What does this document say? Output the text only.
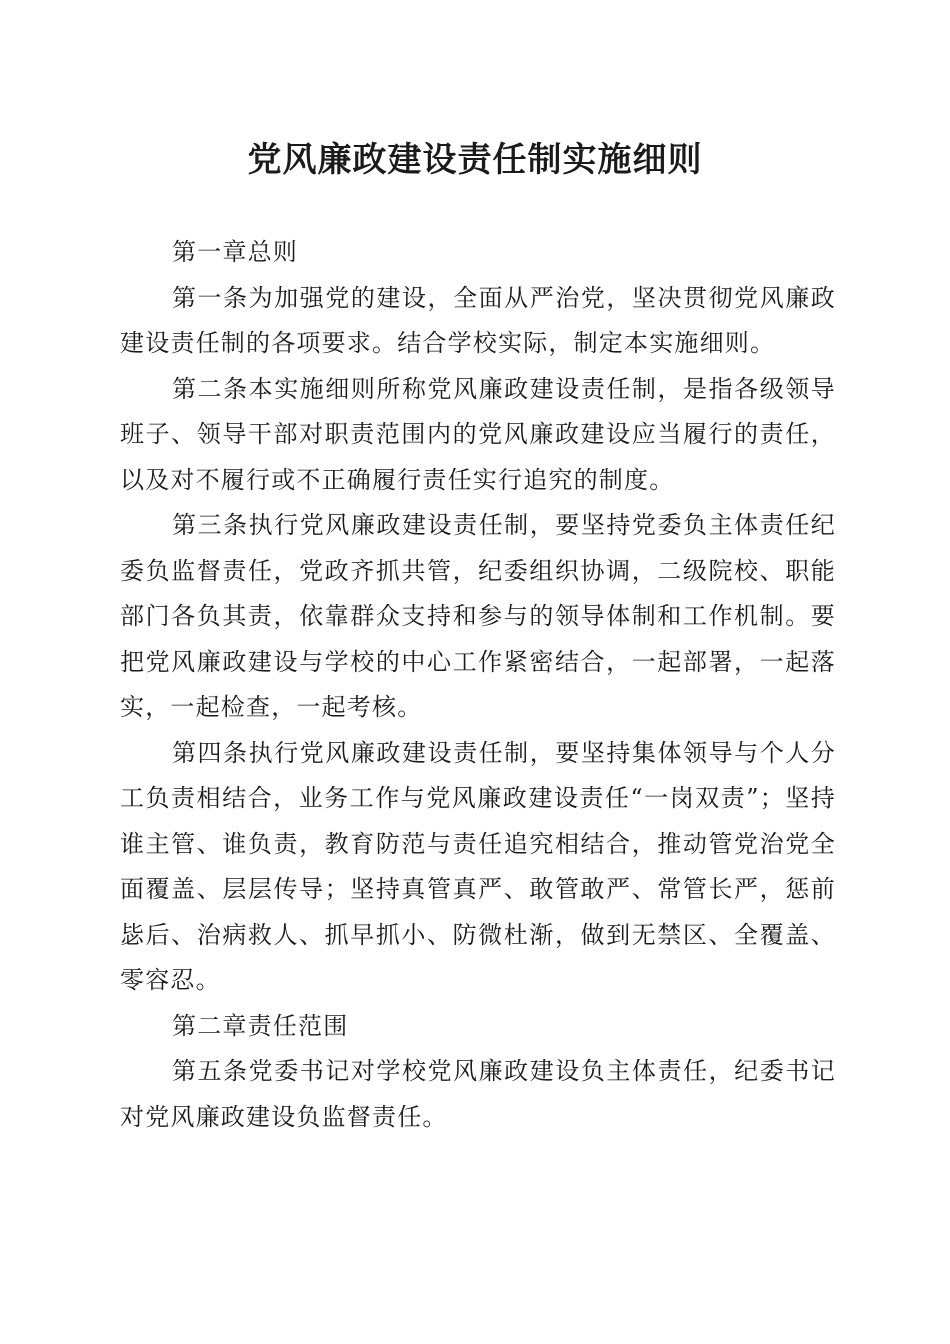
党风廉政建设责任制实施细则

第一章总则

第一条为加强党的建设，全面从严治党，坚决贯彻党风廉政建设责任制的各项要求。结合学校实际，制定本实施细则。

第二条本实施细则所称党风廉政建设责任制，是指各级领导班子、领导干部对职责范围内的党风廉政建设应当履行的责任，以及对不履行或不正确履行责任实行追究的制度。

第三条执行党风廉政建设责任制，要坚持党委负主体责任纪委负监督责任，党政齐抓共管，纪委组织协调，二级院校、职能部门各负其责，依靠群众支持和参与的领导体制和工作机制。要把党风廉政建设与学校的中心工作紧密结合，一起部署，一起落实，一起检查，一起考核。

第四条执行党风廉政建设责任制，要坚持集体领导与个人分工负责相结合，业务工作与党风廉政建设责任“一岗双责”；坚持谁主管、谁负责，教育防范与责任追究相结合，推动管党治党全面覆盖、层层传导；坚持真管真严、敢管敢严、常管长严，惩前毖后、治病救人、抓早抓小、防微杜渐，做到无禁区、全覆盖、零容忍。

第二章责任范围

第五条党委书记对学校党风廉政建设负主体责任，纪委书记对党风廉政建设负监督责任。
